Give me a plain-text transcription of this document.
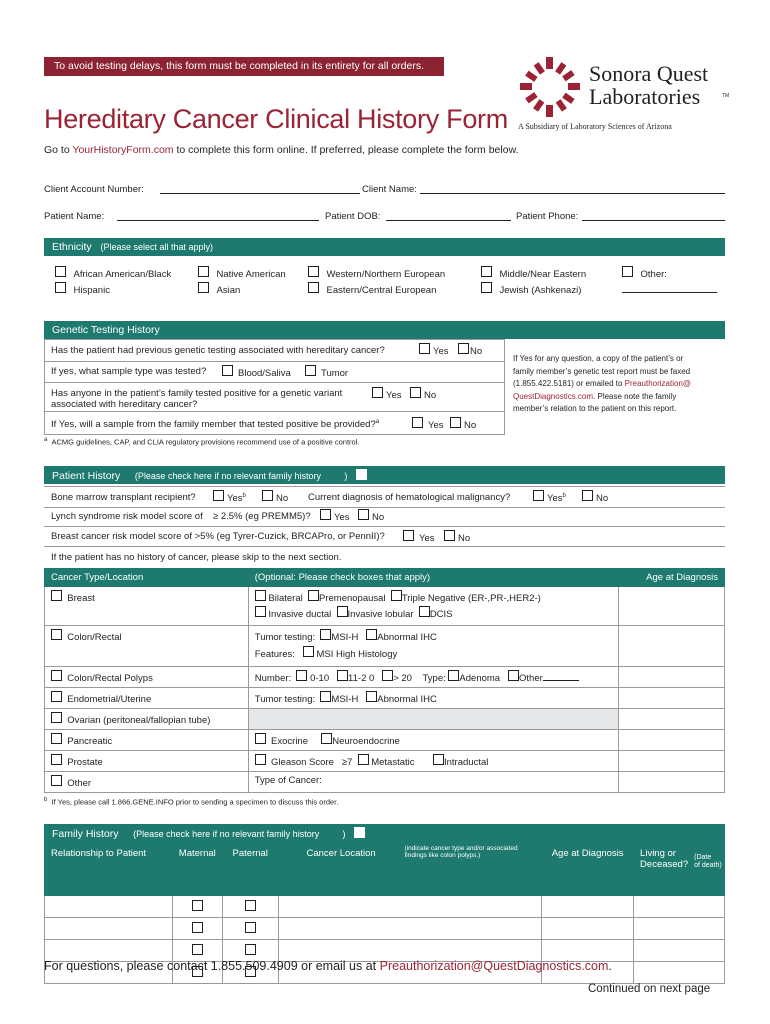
To avoid testing delays, this form must be completed in its entirety for all orders.
Hereditary Cancer Clinical History Form
Sonora Quest
Laboratories	TM
A Subsidiary of Laboratory Sciences of Arizona
Go to YourHistoryForm.com to complete this form online. If preferred, please complete the form below.
Client Account Number:	Client Name:
Patient Name:	Patient DOB:	Patient Phone:
Ethnicity (Please select all that apply)
African American/Black
Hispanic
Native American
Asian
Western/Northern European
Eastern/Central European
Middle/Near Eastern
Jewish (Ashkenazi)
Other:
Genetic Testing History
Has the patient had previous genetic testing associated with hereditary cancer?	Yes	No
If yes, what sample type was tested?	Blood/Saliva	Tumor
Has anyone in the patient’s family tested positive for a genetic variant
associated with hereditary cancer?
Yes	No
If Yes, will a sample from the family member that tested positive be provided?$^a$	Yes	No
If Yes for any question, a copy of the patient’s or
family member’s genetic test report must be faxed
(1.855.422.5181) or emailed to Preauthorization@
QuestDiagnostics.com. Please note the family
member’s relation to the patient on this report.
$^a$ ACMG guidelines, CAP, and CLIA regulatory provisions recommend use of a positive control.
Patient History (Please check here if no relevant family history	)
Bone marrow transplant recipient?	Yes$^b$	No Current diagnosis of hematological malignancy?	Yes$^b$	No
Lynch syndrome risk model score of ≥ 2.5% (eg PREMM5)?	Yes	No
Breast cancer risk model score of >5% (eg Tyrer-Cuzick, BRCAPro, or PennII)?	Yes	No
If the patient has no history of cancer, please skip to the next section.
Cancer Type/Location	(Optional: Please check boxes that apply)	Age at Diagnosis
Breast	Bilateral Premenopausal Triple Negative (ER-,PR-,HER2-)
Invasive ductal Invasive lobular DCIS	
Colon/Rectal	Tumor testing: MSI-H Abnormal IHC
Features: MSI High Histology	
Colon/Rectal Polyps	Number: 0-10 11-2 0 > 20 Type: Adenoma Other	
Endometrial/Uterine	Tumor testing: MSI-H Abnormal IHC	
Ovarian (peritoneal/fallopian tube)		
Pancreatic	Exocrine Neuroendocrine	
Prostate	Gleason Score ≥7 Metastatic Intraductal	
Other	Type of Cancer:	
$^b$ If Yes, please call 1.866.GENE.INFO prior to sending a specimen to discuss this order.
Family History (Please check here if no relevant family history	)
Relationship to Patient	Maternal	Paternal	Cancer Location	(indicate cancer type and/or associated
findings like colon polyps.)	Age at Diagnosis	Living or Deceased?(Date
of death)

For questions, please contact 1.855.509.4909 or email us at Preauthorization@QuestDiagnostics.com.
Continued on next page
